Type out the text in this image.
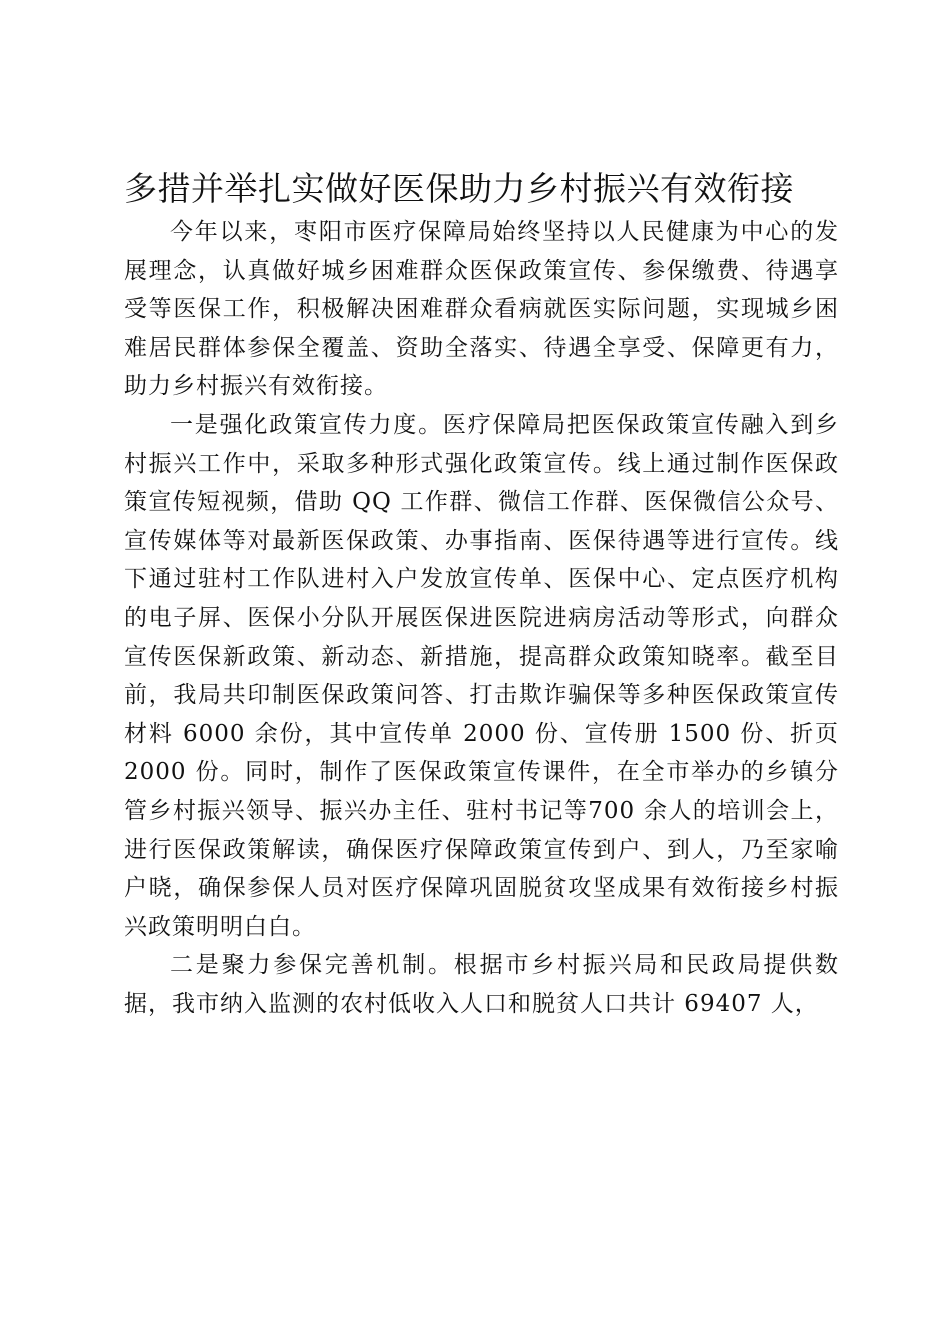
多措并举扎实做好医保助力乡村振兴有效衔接

今年以来，枣阳市医疗保障局始终坚持以人民健康为中心的发展理念，认真做好城乡困难群众医保政策宣传、参保缴费、待遇享受等医保工作，积极解决困难群众看病就医实际问题，实现城乡困难居民群体参保全覆盖、资助全落实、待遇全享受、保障更有力，助力乡村振兴有效衔接。

一是强化政策宣传力度。医疗保障局把医保政策宣传融入到乡村振兴工作中，采取多种形式强化政策宣传。线上通过制作医保政策宣传短视频，借助 QQ 工作群、微信工作群、医保微信公众号、宣传媒体等对最新医保政策、办事指南、医保待遇等进行宣传。线下通过驻村工作队进村入户发放宣传单、医保中心、定点医疗机构的电子屏、医保小分队开展医保进医院进病房活动等形式，向群众宣传医保新政策、新动态、新措施，提高群众政策知晓率。截至目前，我局共印制医保政策问答、打击欺诈骗保等多种医保政策宣传材料 6000 余份，其中宣传单 2000 份、宣传册 1500 份、折页 2000 份。同时，制作了医保政策宣传课件，在全市举办的乡镇分管乡村振兴领导、振兴办主任、驻村书记等700 余人的培训会上，进行医保政策解读，确保医疗保障政策宣传到户、到人，乃至家喻户晓，确保参保人员对医疗保障巩固脱贫攻坚成果有效衔接乡村振兴政策明明白白。

二是聚力参保完善机制。根据市乡村振兴局和民政局提供数据，我市纳入监测的农村低收入人口和脱贫人口共计 69407 人，
